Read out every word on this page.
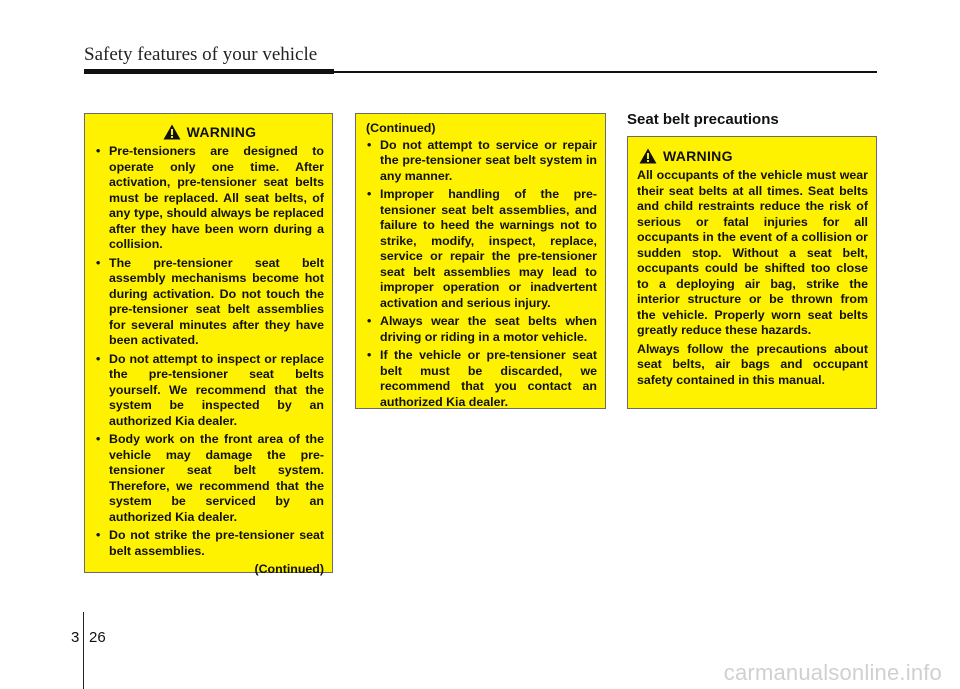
Safety features of your vehicle
WARNING
• Pre-tensioners are designed to operate only one time. After activation, pre-tensioner seat belts must be replaced. All seat belts, of any type, should always be replaced after they have been worn during a collision.
• The pre-tensioner seat belt assembly mechanisms become hot during activation. Do not touch the pre-tensioner seat belt assemblies for several minutes after they have been activated.
• Do not attempt to inspect or replace the pre-tensioner seat belts yourself. We recommend that the system be inspected by an authorized Kia dealer.
• Body work on the front area of the vehicle may damage the pre-tensioner seat belt system. Therefore, we recommend that the system be serviced by an authorized Kia dealer.
• Do not strike the pre-tensioner seat belt assemblies.
(Continued)
(Continued)
• Do not attempt to service or repair the pre-tensioner seat belt system in any manner.
• Improper handling of the pre-tensioner seat belt assemblies, and failure to heed the warnings not to strike, modify, inspect, replace, service or repair the pre-tensioner seat belt assemblies may lead to improper operation or inadvertent activation and serious injury.
• Always wear the seat belts when driving or riding in a motor vehicle.
• If the vehicle or pre-tensioner seat belt must be discarded, we recommend that you contact an authorized Kia dealer.
Seat belt precautions
WARNING

All occupants of the vehicle must wear their seat belts at all times. Seat belts and child restraints reduce the risk of serious or fatal injuries for all occupants in the event of a collision or sudden stop. Without a seat belt, occupants could be shifted too close to a deploying air bag, strike the interior structure or be thrown from the vehicle. Properly worn seat belts greatly reduce these hazards.

Always follow the precautions about seat belts, air bags and occupant safety contained in this manual.

3 26
carmanualsonline.info
